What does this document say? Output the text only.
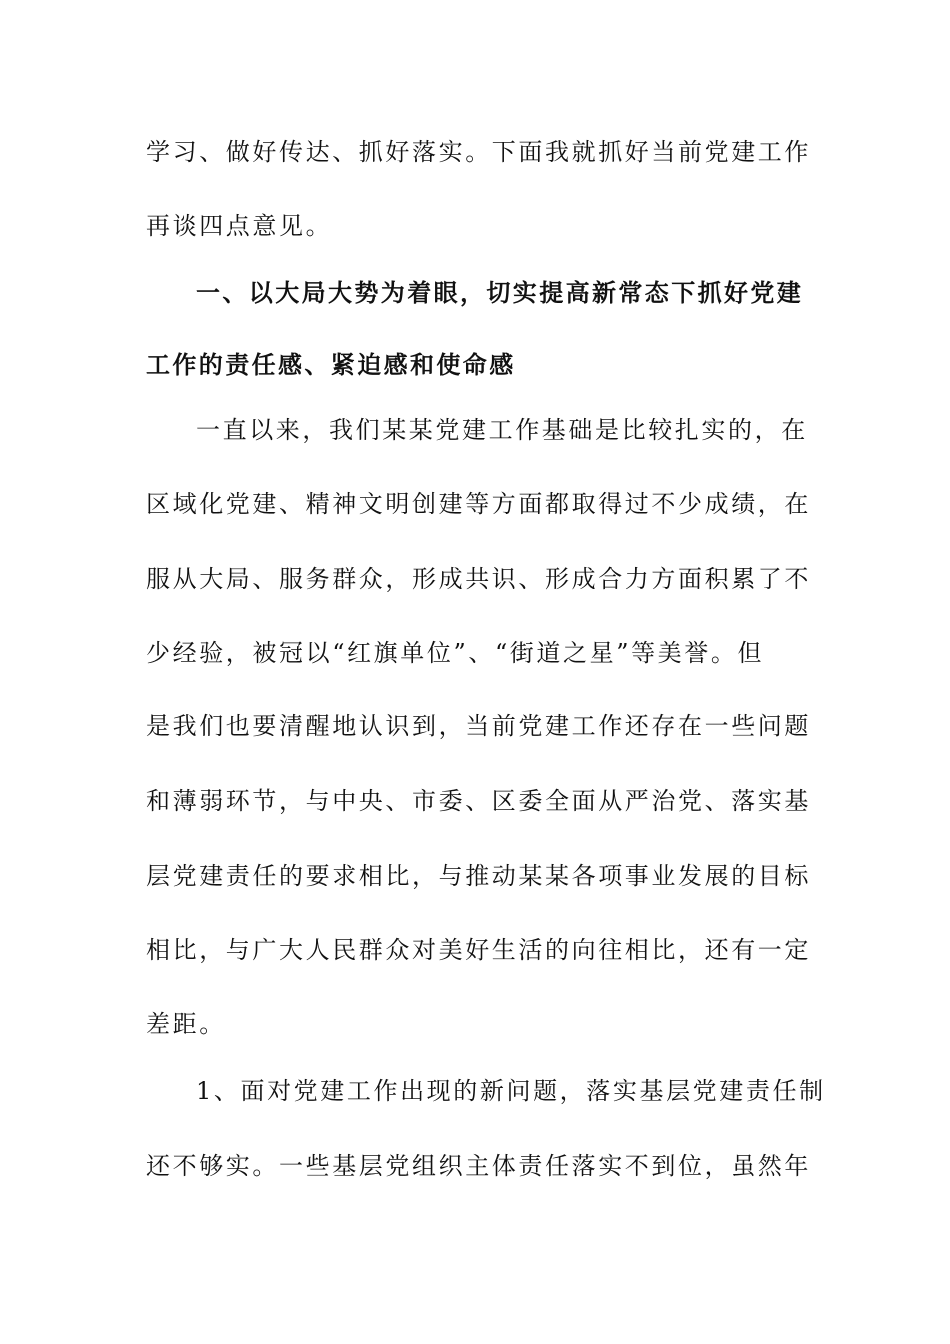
学习、做好传达、抓好落实。下面我就抓好当前党建工作
再谈四点意见。
一、以大局大势为着眼，切实提高新常态下抓好党建
工作的责任感、紧迫感和使命感
一直以来，我们某某党建工作基础是比较扎实的，在
区域化党建、精神文明创建等方面都取得过不少成绩，在
服从大局、服务群众，形成共识、形成合力方面积累了不
少经验，被冠以“红旗单位”、“街道之星”等美誉。但
是我们也要清醒地认识到，当前党建工作还存在一些问题
和薄弱环节，与中央、市委、区委全面从严治党、落实基
层党建责任的要求相比，与推动某某各项事业发展的目标
相比，与广大人民群众对美好生活的向往相比，还有一定
差距。
1、面对党建工作出现的新问题，落实基层党建责任制
还不够实。一些基层党组织主体责任落实不到位，虽然年
